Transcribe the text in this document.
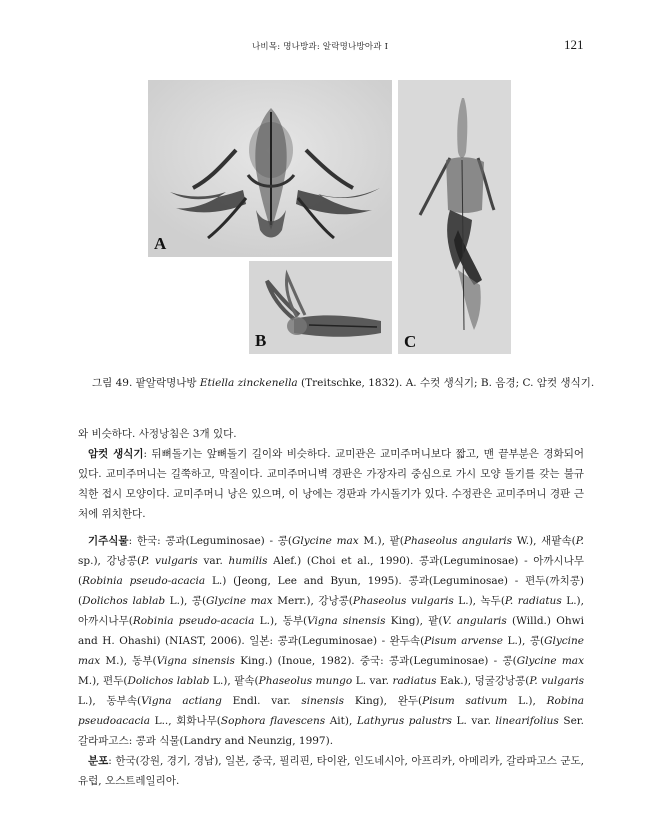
나비목: 명나방과: 알락명나방아과 I	121
A
B	C
그림 49. 팥알락명나방 Etiella zinckenella (Treitschke, 1832). A. 수컷 생식기; B. 음경; C. 암컷 생식기.

와 비슷하다. 사정낭침은 3개 있다.

암컷 생식기: 뒤뼈돌기는 앞뼈돌기 길이와 비슷하다. 교미관은 교미주머니보다 짧고, 맨 끝부분은 경화되어 있다. 교미주머니는 길쭉하고, 막질이다. 교미주머니벽 경판은 가장자리 중심으로 가시 모양 돌기를 갖는 불규칙한 접시 모양이다. 교미주머니 낭은 있으며, 이 낭에는 경판과 가시돌기가 있다. 수정관은 교미주머니 경판 근처에 위치한다.

기주식물: 한국: 콩과(Leguminosae) - 콩(Glycine max M.), 팥(Phaseolus angularis W.), 새팥속(P. sp.), 강낭콩(P. vulgaris var. humilis Alef.) (Choi et al., 1990). 콩과(Leguminosae) - 아까시나무(Robinia pseudo-acacia L.) (Jeong, Lee and Byun, 1995). 콩과(Leguminosae) - 편두(까치콩) (Dolichos lablab L.), 콩(Glycine max Merr.), 강낭콩(Phaseolus vulgaris L.), 녹두(P. radiatus L.), 아까시나무(Robinia pseudo-acacia L.), 동부(Vigna sinensis King), 팥(V. angularis (Willd.) Ohwi and H. Ohashi) (NIAST, 2006). 일본: 콩과(Leguminosae) - 완두속(Pisum arvense L.), 콩(Glycine max M.), 동부(Vigna sinensis King.) (Inoue, 1982). 중국: 콩과(Leguminosae) - 콩(Glycine max M.), 편두(Dolichos lablab L.), 팥속(Phaseolus mungo L. var. radiatus Eak.), 덩굴강낭콩(P. vulgaris L.), 동부속(Vigna actiang Endl. var. sinensis King), 완두(Pisum sativum L.), Robina pseudoacacia L.., 회화나무(Sophora flavescens Ait), Lathyrus palustrs L. var. linearifolius Ser. 갈라파고스: 콩과 식물(Landry and Neunzig, 1997).

분포: 한국(강원, 경기, 경남), 일본, 중국, 필리핀, 타이완, 인도네시아, 아프리카, 아메리카, 갈라파고스 군도, 유럽, 오스트레일리아.
